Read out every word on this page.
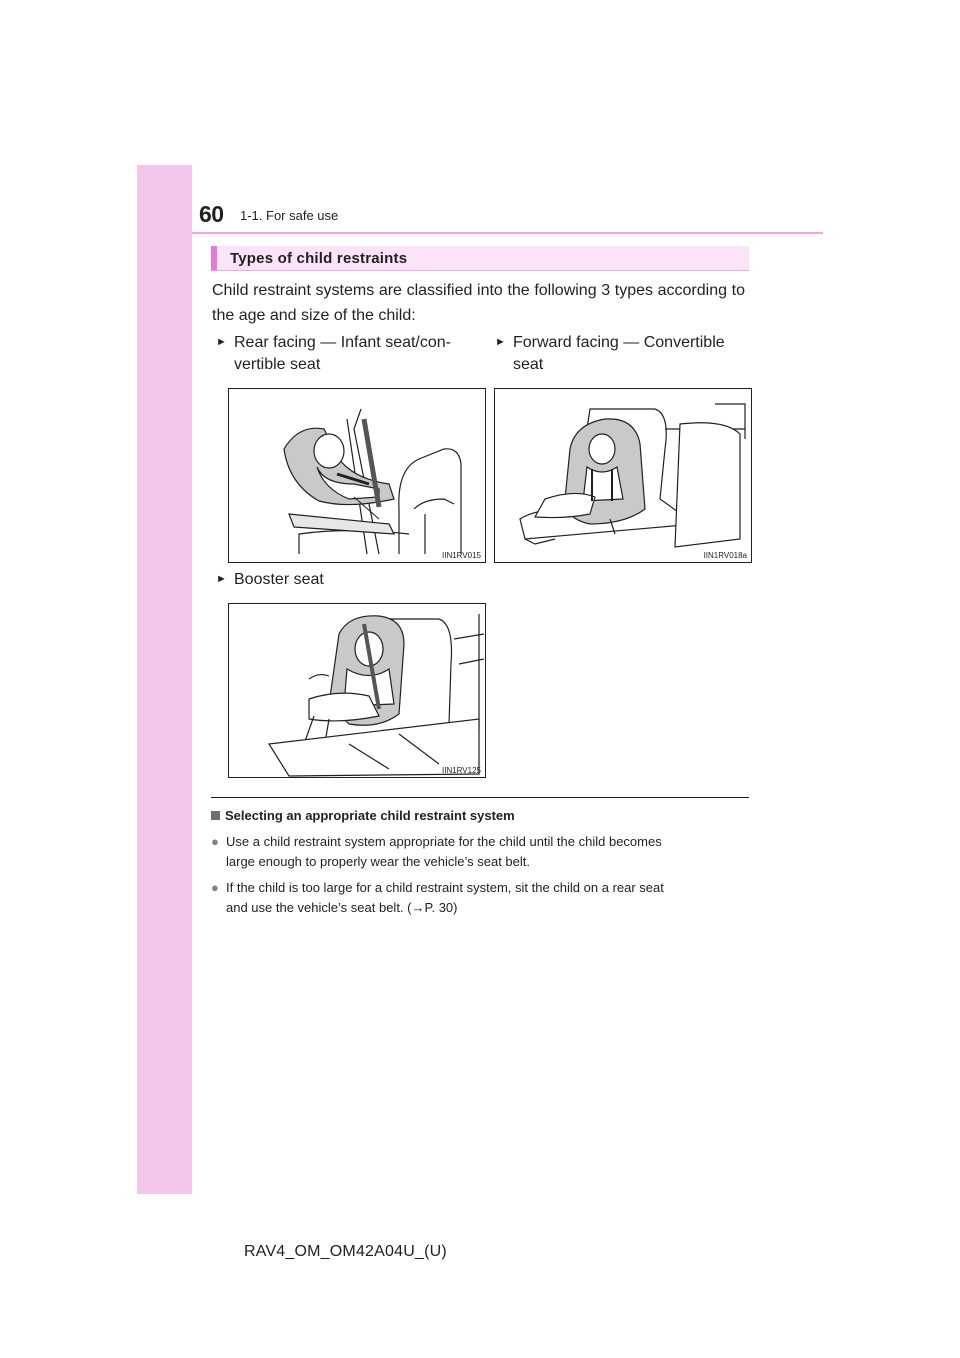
60 1-1. For safe use
Types of child restraints
Child restraint systems are classified into the following 3 types according to the age and size of the child:
► Rear facing — Infant seat/con-
vertible seat
► Forward facing — Convertible
seat
IIN1RV015	IIN1RV018a
► Booster seat
IIN1RV125
Selecting an appropriate child restraint system
● Use a child restraint system appropriate for the child until the child becomes
large enough to properly wear the vehicle’s seat belt.
● If the child is too large for a child restraint system, sit the child on a rear seat
and use the vehicle’s seat belt. (→P. 30)
RAV4_OM_OM42A04U_(U)
